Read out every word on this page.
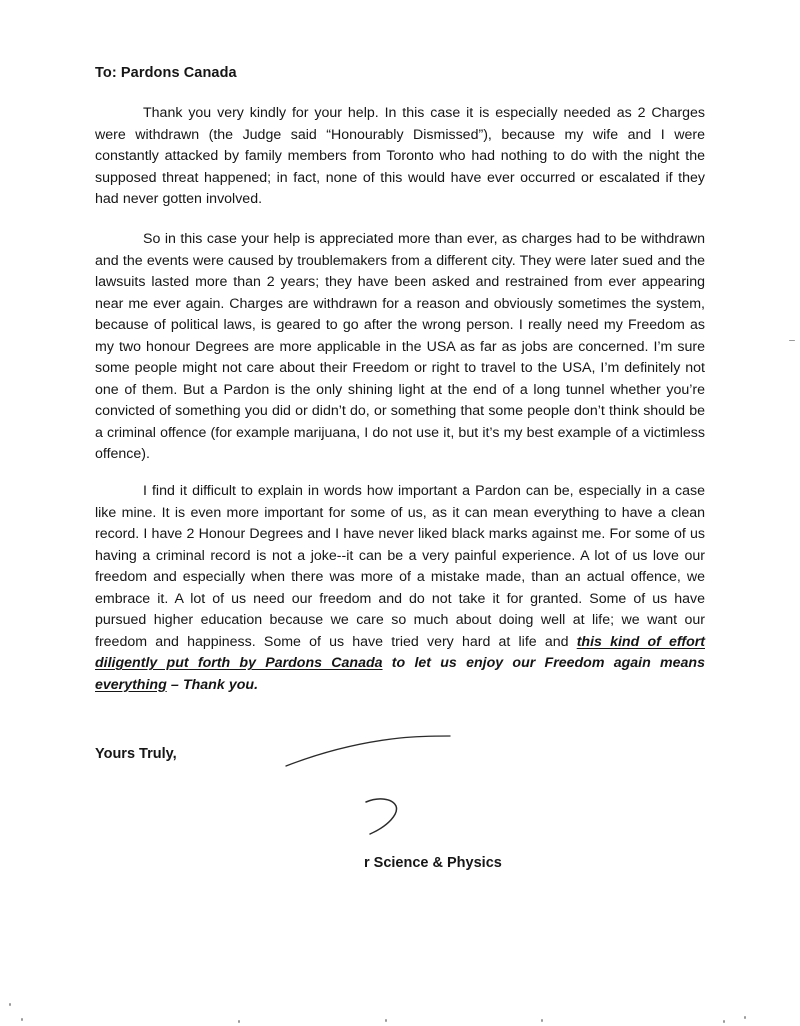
To: Pardons Canada

Thank you very kindly for your help. In this case it is especially needed as 2 Charges were withdrawn (the Judge said “Honourably Dismissed”), because my wife and I were constantly attacked by family members from Toronto who had nothing to do with the night the supposed threat happened; in fact, none of this would have ever occurred or escalated if they had never gotten involved.

So in this case your help is appreciated more than ever, as charges had to be withdrawn and the events were caused by troublemakers from a different city. They were later sued and the lawsuits lasted more than 2 years; they have been asked and restrained from ever appearing near me ever again. Charges are withdrawn for a reason and obviously sometimes the system, because of political laws, is geared to go after the wrong person. I really need my Freedom as my two honour Degrees are more applicable in the USA as far as jobs are concerned. I’m sure some people might not care about their Freedom or right to travel to the USA, I’m definitely not one of them. But a Pardon is the only shining light at the end of a long tunnel whether you’re convicted of something you did or didn’t do, or something that some people don’t think should be a criminal offence (for example marijuana, I do not use it, but it’s my best example of a victimless offence).

I find it difficult to explain in words how important a Pardon can be, especially in a case like mine. It is even more important for some of us, as it can mean everything to have a clean record. I have 2 Honour Degrees and I have never liked black marks against me. For some of us having a criminal record is not a joke--it can be a very painful experience. A lot of us love our freedom and especially when there was more of a mistake made, than an actual offence, we embrace it. A lot of us need our freedom and do not take it for granted. Some of us have pursued higher education because we care so much about doing well at life; we want our freedom and happiness. Some of us have tried very hard at life and this kind of effort diligently put forth by Pardons Canada to let us enjoy our Freedom again means everything – Thank you.

Yours Truly,
r Science & Physics
